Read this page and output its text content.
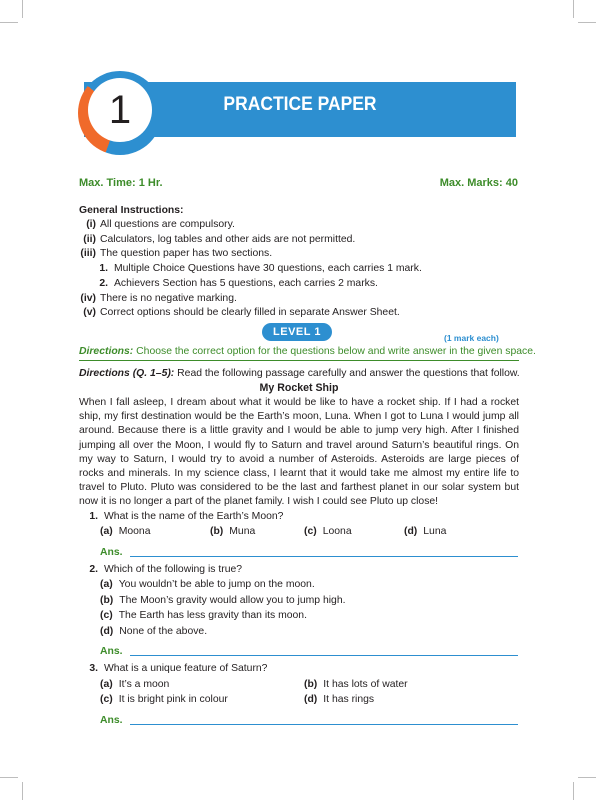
PRACTICE PAPER
1
Max. Time: 1 Hr.	Max. Marks: 40
General Instructions:
(i) All questions are compulsory.
(ii) Calculators, log tables and other aids are not permitted.
(iii) The question paper has two sections.
1. Multiple Choice Questions have 30 questions, each carries 1 mark.
2. Achievers Section has 5 questions, each carries 2 marks.
(iv) There is no negative marking.
(v) Correct options should be clearly filled in separate Answer Sheet.
LEVEL 1	(1 mark each)
Directions: Choose the correct option for the questions below and write answer in the given space.
Directions (Q. 1–5): Read the following passage carefully and answer the questions that follow.
My Rocket Ship
When I fall asleep, I dream about what it would be like to have a rocket ship. If I had a rocket ship, my first destination would be the Earth’s moon, Luna. When I got to Luna I would jump all around. Because there is a little gravity and I would be able to jump very high. After I finished jumping all over the Moon, I would fly to Saturn and travel around Saturn’s beautiful rings. On my way to Saturn, I would try to avoid a number of Asteroids. Asteroids are large pieces of rocks and minerals. In my science class, I learnt that it would take me almost my entire life to travel to Pluto. Pluto was considered to be the last and farthest planet in our solar system but now it is no longer a part of the planet family. I wish I could see Pluto up close!
1. What is the name of the Earth’s Moon?
(a) Moona	(b) Muna	(c) Loona	(d) Luna
Ans.
2. Which of the following is true?
(a) You wouldn’t be able to jump on the moon.
(b) The Moon’s gravity would allow you to jump high.
(c) The Earth has less gravity than its moon.
(d) None of the above.
Ans.
3. What is a unique feature of Saturn?
(a) It’s a moon	(b) It has lots of water
(c) It is bright pink in colour	(d) It has rings
Ans.
